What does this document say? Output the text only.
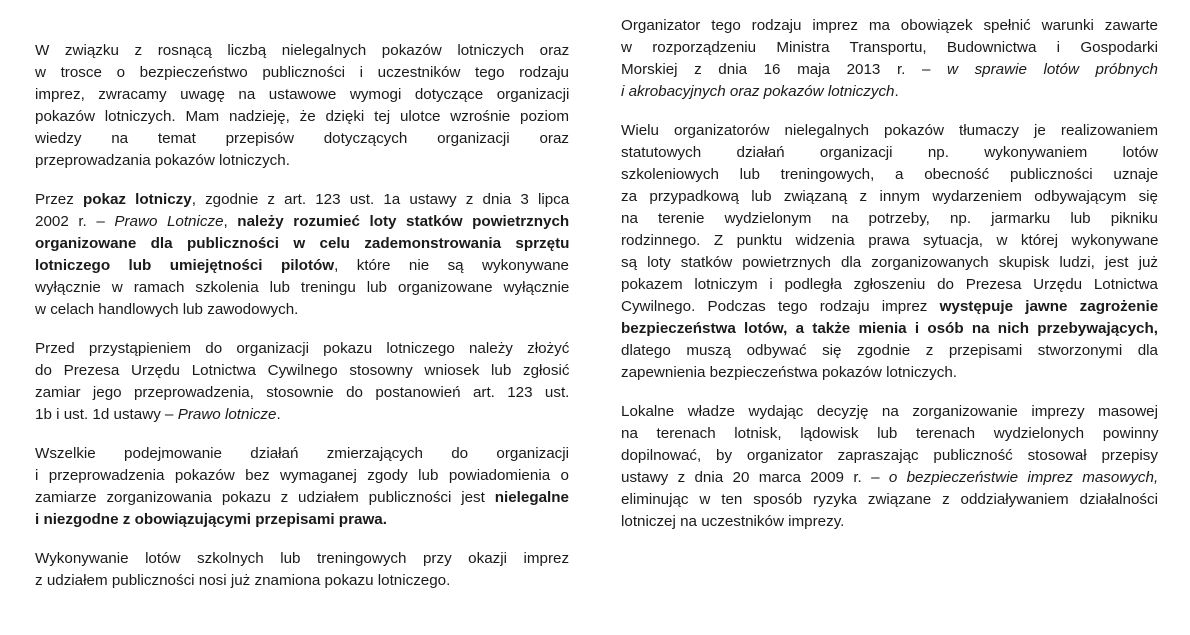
W związku z rosnącą liczbą nielegalnych pokazów lotniczych oraz
w trosce o bezpieczeństwo publiczności i uczestników tego rodzaju
imprez, zwracamy uwagę na ustawowe wymogi dotyczące organizacji
pokazów lotniczych. Mam nadzieję, że dzięki tej ulotce wzrośnie poziom
wiedzy na temat przepisów dotyczących organizacji oraz
przeprowadzania pokazów lotniczych.
Przez pokaz lotniczy, zgodnie z art. 123 ust. 1a ustawy z dnia 3 lipca
2002 r. – Prawo Lotnicze, należy rozumieć loty statków powietrznych
organizowane dla publiczności w celu zademonstrowania sprzętu
lotniczego lub umiejętności pilotów, które nie są wykonywane
wyłącznie w ramach szkolenia lub treningu lub organizowane wyłącznie
w celach handlowych lub zawodowych.
Przed przystąpieniem do organizacji pokazu lotniczego należy złożyć
do Prezesa Urzędu Lotnictwa Cywilnego stosowny wniosek lub zgłosić
zamiar jego przeprowadzenia, stosownie do postanowień art. 123 ust.
1b i ust. 1d ustawy – Prawo lotnicze.
Wszelkie podejmowanie działań zmierzających do organizacji
i przeprowadzenia pokazów bez wymaganej zgody lub powiadomienia o
zamiarze zorganizowania pokazu z udziałem publiczności jest nielegalne
i niezgodne z obowiązującymi przepisami prawa.
Wykonywanie lotów szkolnych lub treningowych przy okazji imprez
z udziałem publiczności nosi już znamiona pokazu lotniczego.
Organizator tego rodzaju imprez ma obowiązek spełnić warunki zawarte
w rozporządzeniu Ministra Transportu, Budownictwa i Gospodarki
Morskiej z dnia 16 maja 2013 r. – w sprawie lotów próbnych
i akrobacyjnych oraz pokazów lotniczych.
Wielu organizatorów nielegalnych pokazów tłumaczy je realizowaniem
statutowych działań organizacji np. wykonywaniem lotów
szkoleniowych lub treningowych, a obecność publiczności uznaje
za przypadkową lub związaną z innym wydarzeniem odbywającym się
na terenie wydzielonym na potrzeby, np. jarmarku lub pikniku
rodzinnego. Z punktu widzenia prawa sytuacja, w której wykonywane
są loty statków powietrznych dla zorganizowanych skupisk ludzi, jest już
pokazem lotniczym i podległa zgłoszeniu do Prezesa Urzędu Lotnictwa
Cywilnego. Podczas tego rodzaju imprez występuje jawne zagrożenie
bezpieczeństwa lotów, a także mienia i osób na nich przebywających,
dlatego muszą odbywać się zgodnie z przepisami stworzonymi dla
zapewnienia bezpieczeństwa pokazów lotniczych.
Lokalne władze wydając decyzję na zorganizowanie imprezy masowej
na terenach lotnisk, lądowisk lub terenach wydzielonych powinny
dopilnować, by organizator zapraszając publiczność stosował przepisy
ustawy z dnia 20 marca 2009 r. – o bezpieczeństwie imprez masowych,
eliminując w ten sposób ryzyka związane z oddziaływaniem działalności
lotniczej na uczestników imprezy.
